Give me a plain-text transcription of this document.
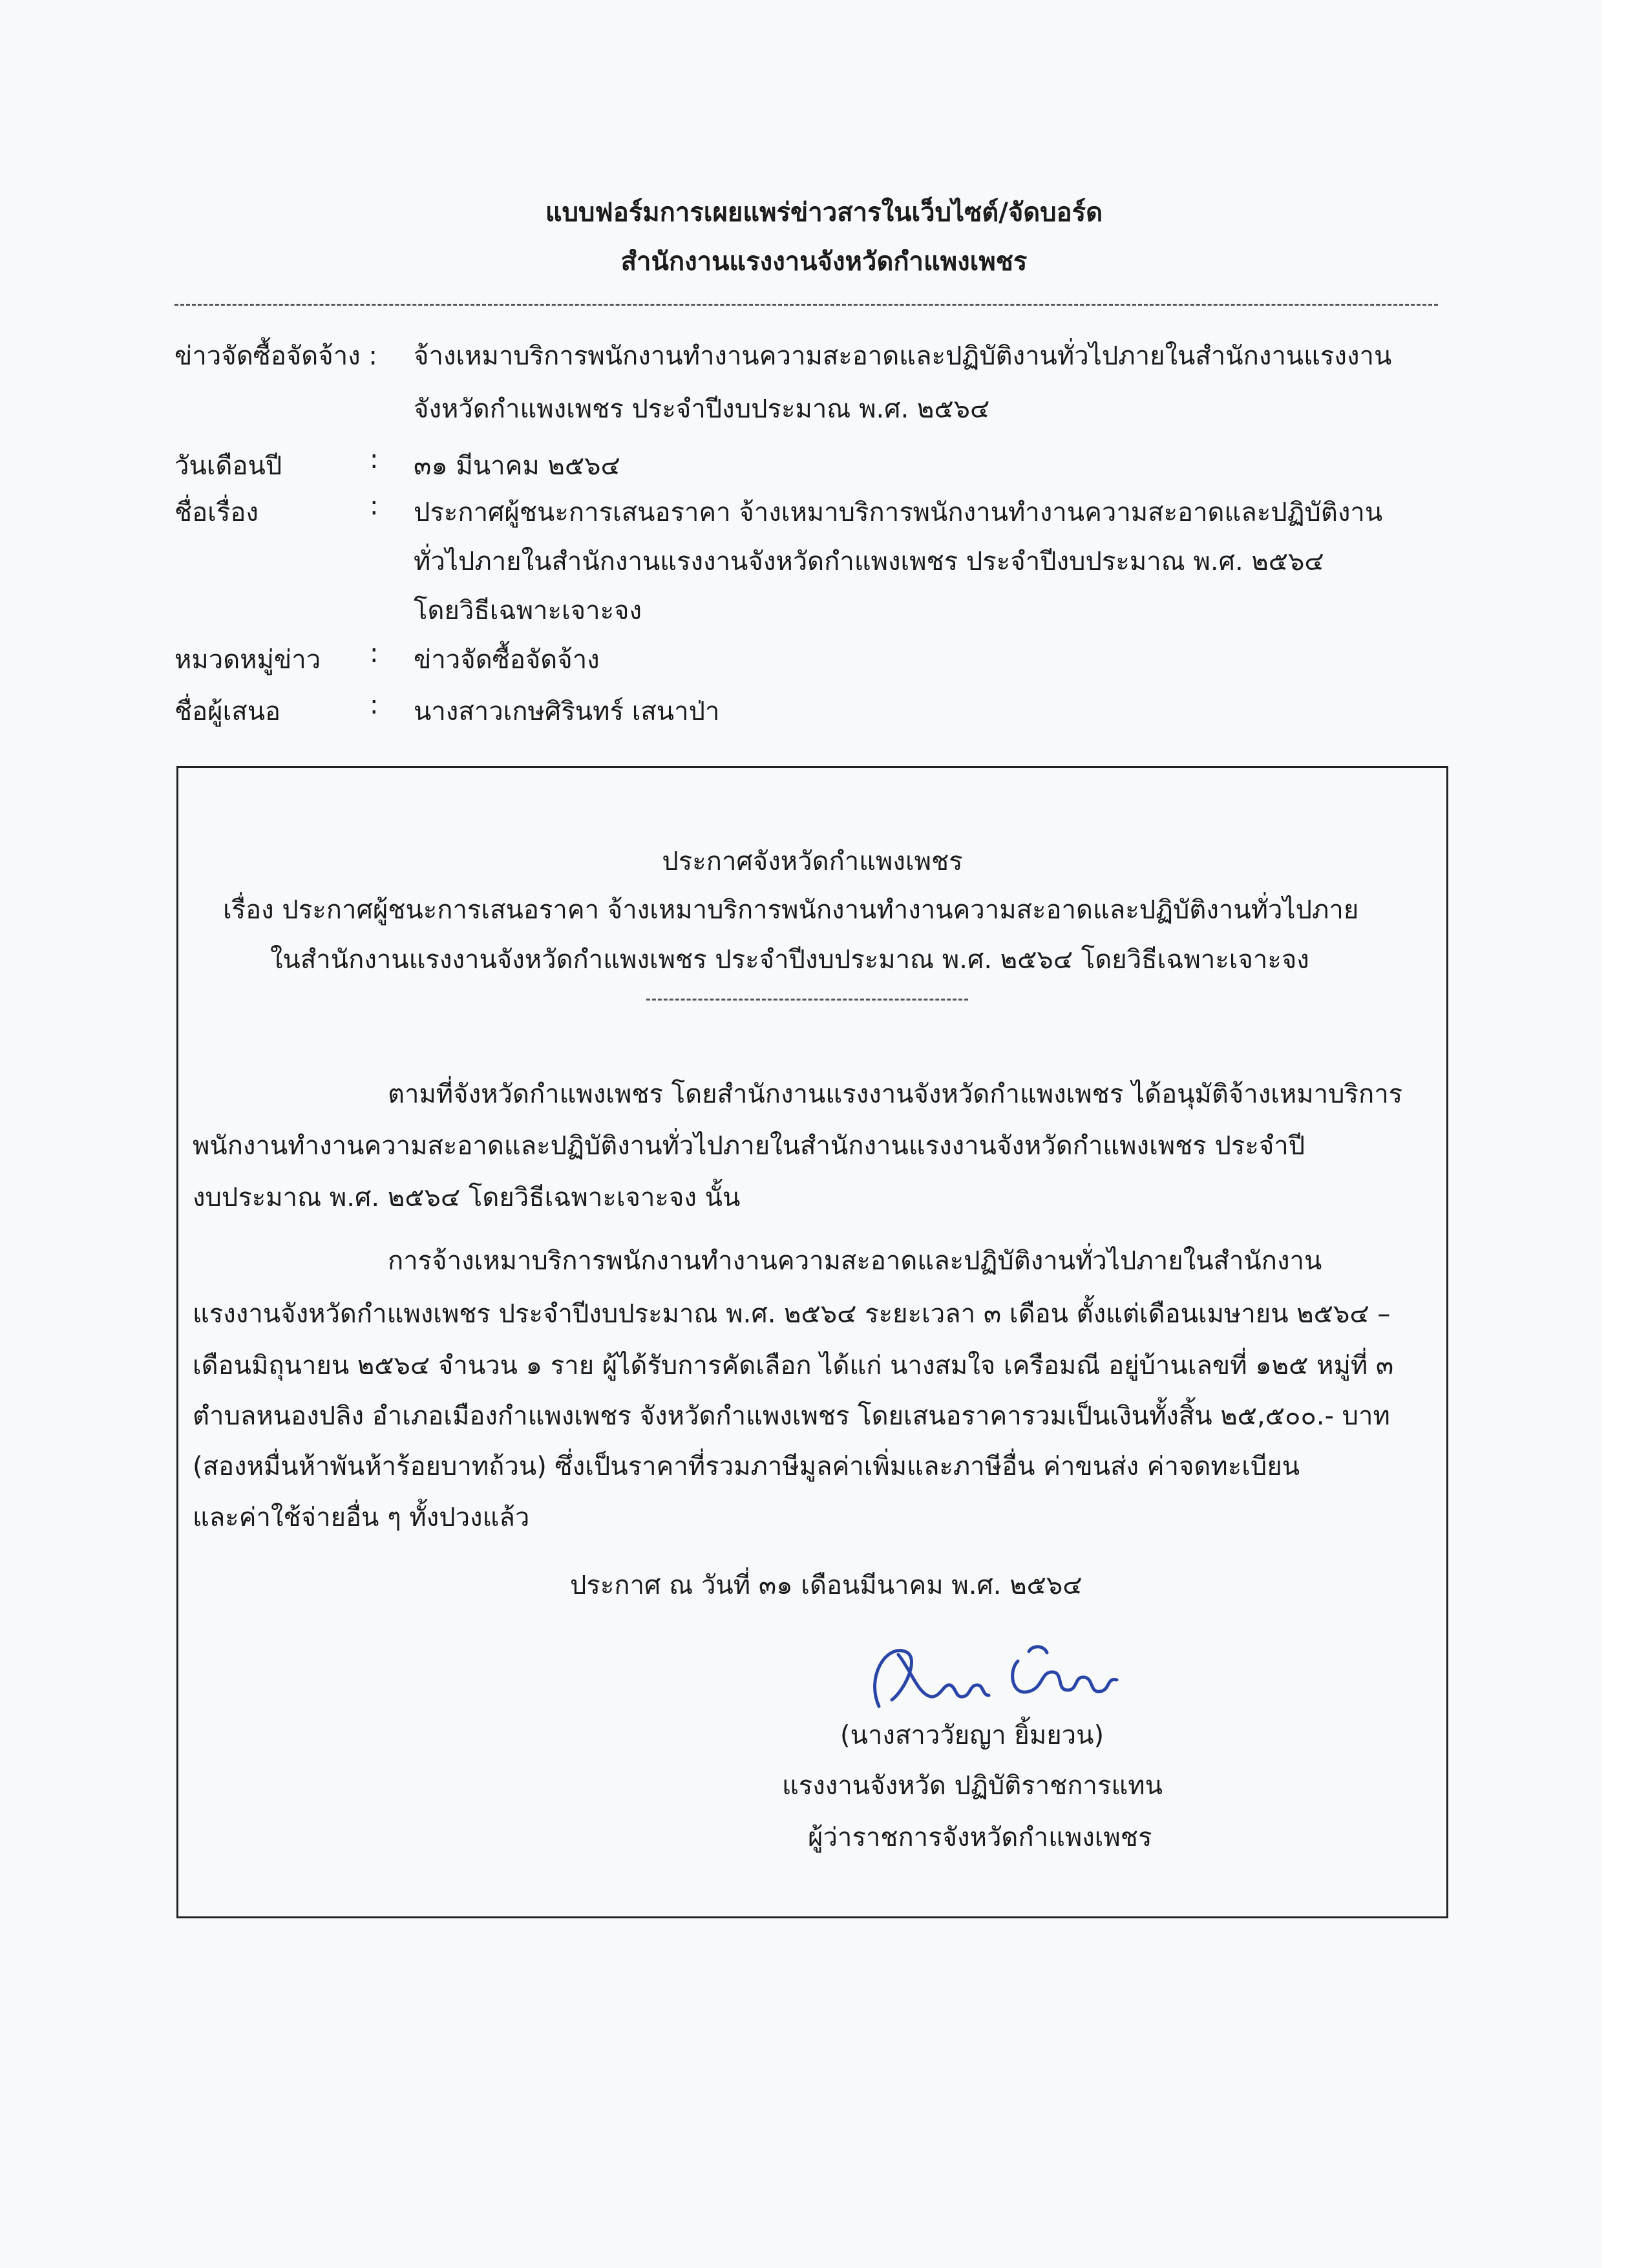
แบบฟอร์มการเผยแพร่ข่าวสารในเว็บไซต์/จัดบอร์ด
สำนักงานแรงงานจังหวัดกำแพงเพชร
ข่าวจัดซื้อจัดจ้าง : จ้างเหมาบริการพนักงานทำงานความสะอาดและปฏิบัติงานทั่วไปภายในสำนักงานแรงงาน
จังหวัดกำแพงเพชร ประจำปีงบประมาณ พ.ศ. ๒๕๖๔
วันเดือนปี	: ๓๑ มีนาคม ๒๕๖๔
ชื่อเรื่อง	: ประกาศผู้ชนะการเสนอราคา จ้างเหมาบริการพนักงานทำงานความสะอาดและปฏิบัติงาน
ทั่วไปภายในสำนักงานแรงงานจังหวัดกำแพงเพชร ประจำปีงบประมาณ พ.ศ. ๒๕๖๔
โดยวิธีเฉพาะเจาะจง
หมวดหมู่ข่าว : ข่าวจัดซื้อจัดจ้าง
ชื่อผู้เสนอ	: นางสาวเกษศิรินทร์ เสนาป่า
ประกาศจังหวัดกำแพงเพชร
เรื่อง ประกาศผู้ชนะการเสนอราคา จ้างเหมาบริการพนักงานทำงานความสะอาดและปฏิบัติงานทั่วไปภาย
ในสำนักงานแรงงานจังหวัดกำแพงเพชร ประจำปีงบประมาณ พ.ศ. ๒๕๖๔ โดยวิธีเฉพาะเจาะจง
ตามที่จังหวัดกำแพงเพชร โดยสำนักงานแรงงานจังหวัดกำแพงเพชร ได้อนุมัติจ้างเหมาบริการ
พนักงานทำงานความสะอาดและปฏิบัติงานทั่วไปภายในสำนักงานแรงงานจังหวัดกำแพงเพชร ประจำปี
งบประมาณ พ.ศ. ๒๕๖๔ โดยวิธีเฉพาะเจาะจง นั้น
การจ้างเหมาบริการพนักงานทำงานความสะอาดและปฏิบัติงานทั่วไปภายในสำนักงาน
แรงงานจังหวัดกำแพงเพชร ประจำปีงบประมาณ พ.ศ. ๒๕๖๔ ระยะเวลา ๓ เดือน ตั้งแต่เดือนเมษายน ๒๕๖๔ –
เดือนมิถุนายน ๒๕๖๔ จำนวน ๑ ราย ผู้ได้รับการคัดเลือก ได้แก่ นางสมใจ เครือมณี อยู่บ้านเลขที่ ๑๒๕ หมู่ที่ ๓
ตำบลหนองปลิง อำเภอเมืองกำแพงเพชร จังหวัดกำแพงเพชร โดยเสนอราคารวมเป็นเงินทั้งสิ้น ๒๕,๕๐๐.- บาท
(สองหมื่นห้าพันห้าร้อยบาทถ้วน) ซึ่งเป็นราคาที่รวมภาษีมูลค่าเพิ่มและภาษีอื่น ค่าขนส่ง ค่าจดทะเบียน
และค่าใช้จ่ายอื่น ๆ ทั้งปวงแล้ว
ประกาศ ณ วันที่ ๓๑ เดือนมีนาคม พ.ศ. ๒๕๖๔
(นางสาววัยญา ยิ้มยวน)
แรงงานจังหวัด ปฏิบัติราชการแทน
ผู้ว่าราชการจังหวัดกำแพงเพชร
